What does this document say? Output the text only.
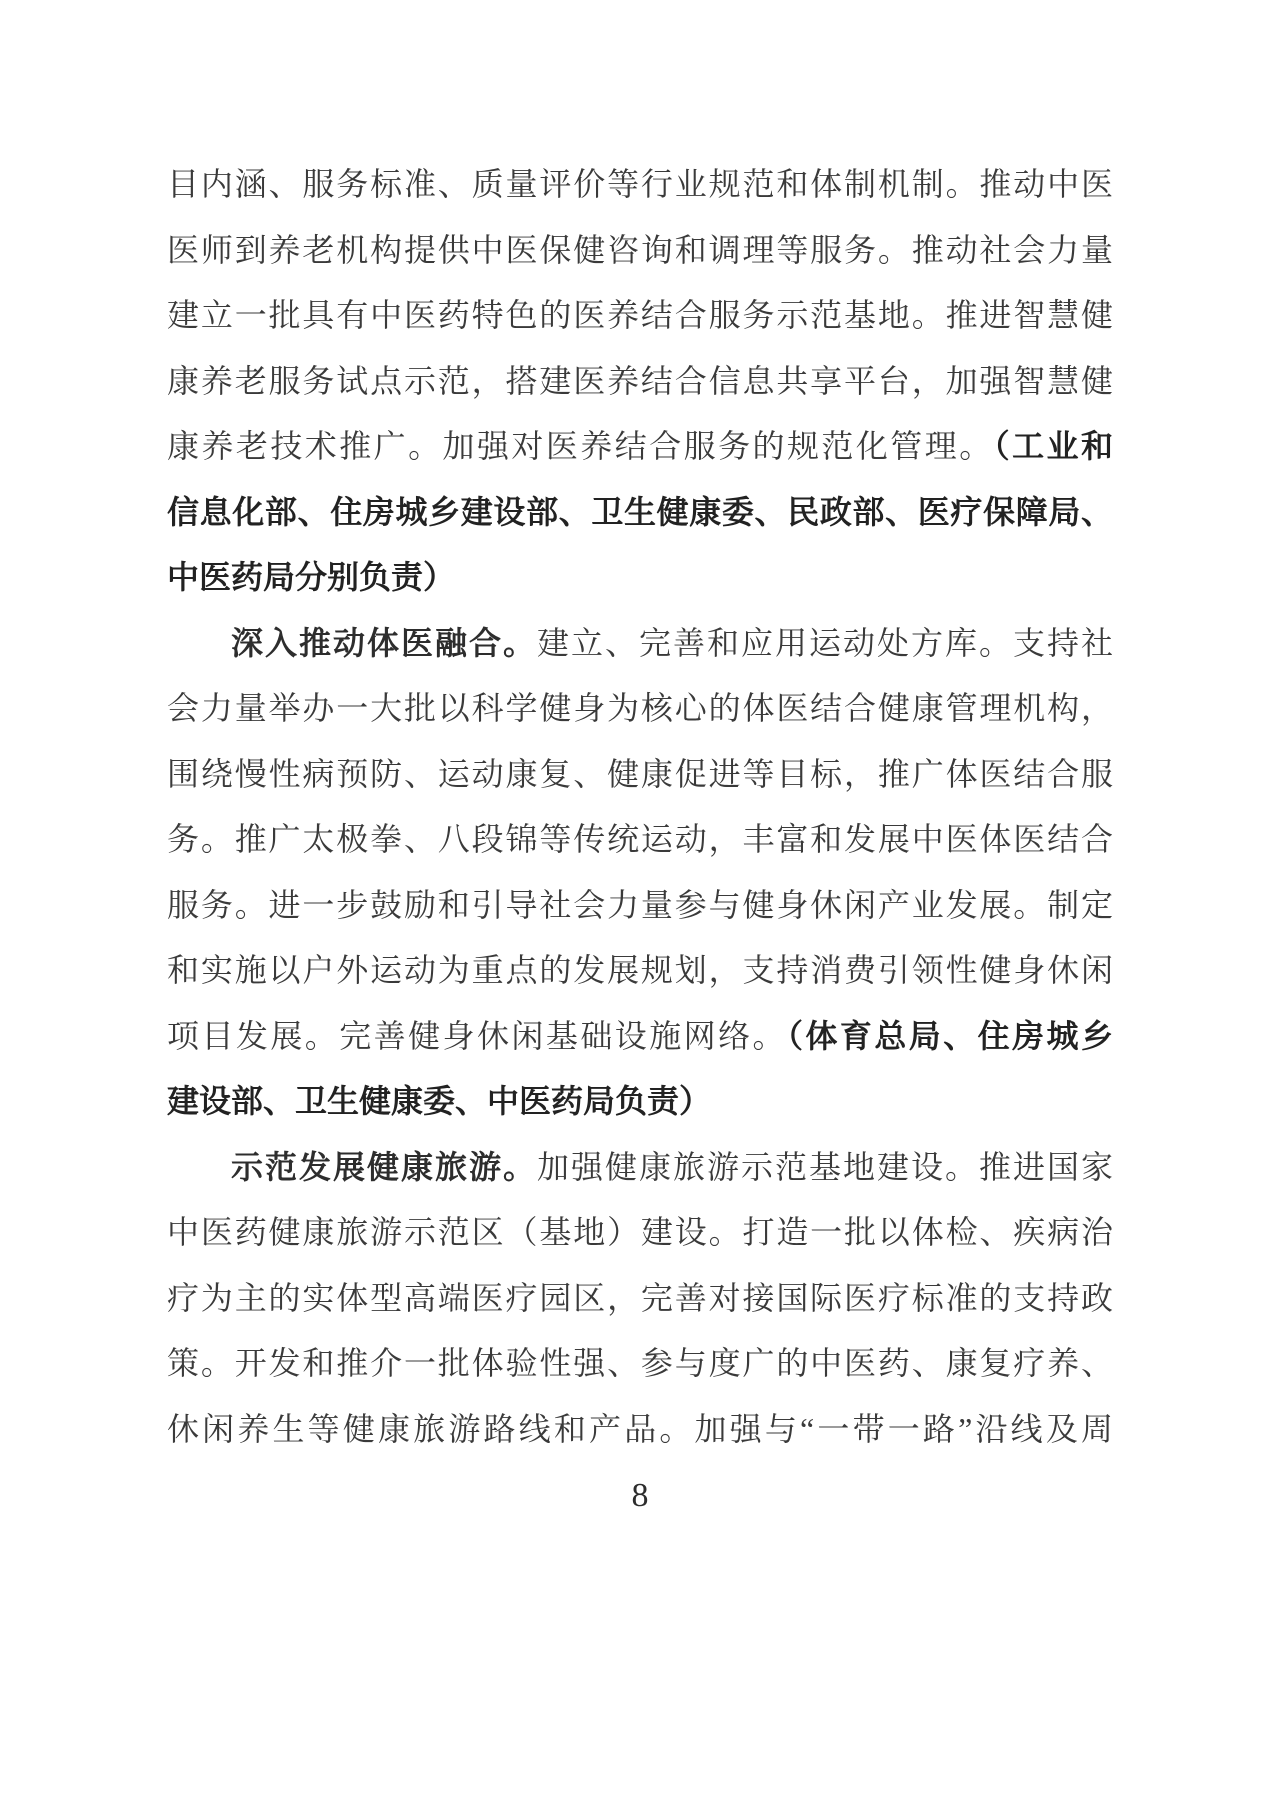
目内涵、服务标准、质量评价等行业规范和体制机制。推动中医
医师到养老机构提供中医保健咨询和调理等服务。推动社会力量
建立一批具有中医药特色的医养结合服务示范基地。推进智慧健
康养老服务试点示范，搭建医养结合信息共享平台，加强智慧健
康养老技术推广。加强对医养结合服务的规范化管理。（工业和
信息化部、住房城乡建设部、卫生健康委、民政部、医疗保障局、
中医药局分别负责）
深入推动体医融合。建立、完善和应用运动处方库。支持社
会力量举办一大批以科学健身为核心的体医结合健康管理机构，
围绕慢性病预防、运动康复、健康促进等目标，推广体医结合服
务。推广太极拳、八段锦等传统运动，丰富和发展中医体医结合
服务。进一步鼓励和引导社会力量参与健身休闲产业发展。制定
和实施以户外运动为重点的发展规划，支持消费引领性健身休闲
项目发展。完善健身休闲基础设施网络。（体育总局、住房城乡
建设部、卫生健康委、中医药局负责）
示范发展健康旅游。加强健康旅游示范基地建设。推进国家
中医药健康旅游示范区（基地）建设。打造一批以体检、疾病治
疗为主的实体型高端医疗园区，完善对接国际医疗标准的支持政
策。开发和推介一批体验性强、参与度广的中医药、康复疗养、
休闲养生等健康旅游路线和产品。加强与“一带一路”沿线及周
8
